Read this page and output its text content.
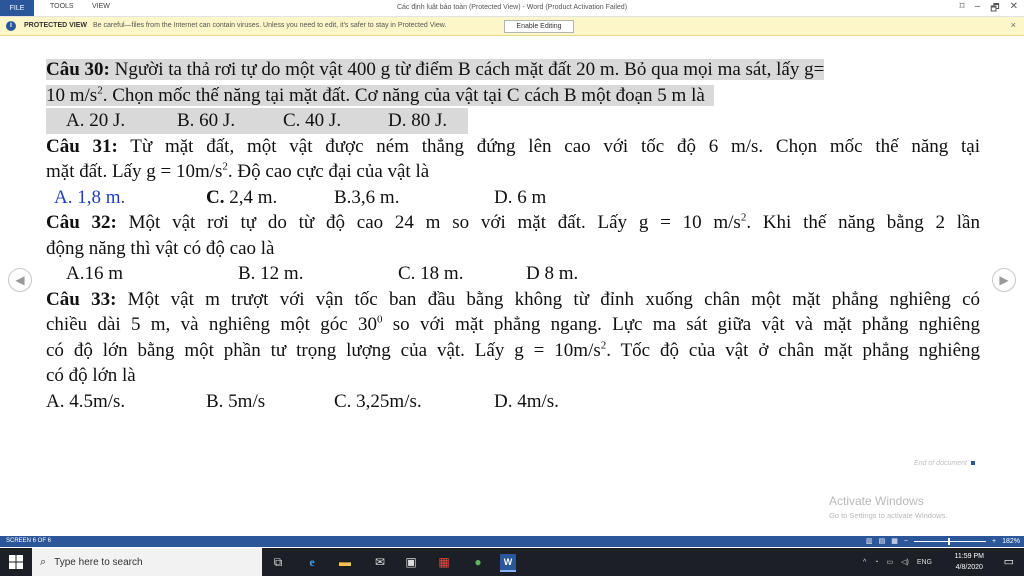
FILE	TOOLS	VIEW	Các định luật bảo toàn (Protected View) - Word (Product Activation Failed)	⌑ – 🗗 ✕
i	PROTECTED VIEW Be careful—files from the Internet can contain viruses. Unless you need to edit, it's safer to stay in Protected View.	Enable Editing	×
◀	▶
Câu 30: Người ta thả rơi tự do một vật 400 g từ điểm B cách mặt đất 20 m. Bỏ qua mọi ma sát, lấy g=
10 $m/s^2$. Chọn mốc thế năng tại mặt đất. Cơ năng của vật tại C cách B một đoạn 5 m là
A. 20 J.	B. 60 J.	C. 40 J. D. 80 J.
Câu 31: Từ mặt đất, một vật được ném thẳng đứng lên cao với tốc độ 6 m/s. Chọn mốc thế năng tại
mặt đất. Lấy $g = 10m/s^2$. Độ cao cực đại của vật là
A. 1,8 m.	C. 2,4 m.	B.3,6 m.	D. 6 m
Câu 32: Một vật rơi tự do từ độ cao 24 m so với mặt đất. Lấy g = 10 $m/s^2$. Khi thế năng bằng 2 lần
động năng thì vật có độ cao là
A.16 m	B. 12 m.	C. 18 m.	D 8 m.
Câu 33: Một vật m trượt với vận tốc ban đầu bằng không từ đỉnh xuống chân một mặt phẳng nghiêng có
chiều dài 5 m, và nghiêng một góc $30^0$ so với mặt phẳng ngang. Lực ma sát giữa vật và mặt phẳng nghiêng
có độ lớn bằng một phần tư trọng lượng của vật. Lấy $g = 10m/s^2$. Tốc độ của vật ở chân mặt phẳng nghiêng
có độ lớn là
A. 4.5m/s.	B. 5m/s	C. 3,25m/s.	D. 4m/s.
End of document
Activate Windows
Go to Settings to activate Windows.
SCREEN 6 OF 6	▥ ▤ ▦ −	+ 182%
⌕ Type here to search	⧉	e	▬ ✉ ▣ ▦	●	W	^ ◔ ▭ ◁) ENG
11:59 PM
4/8/2020 ▭
